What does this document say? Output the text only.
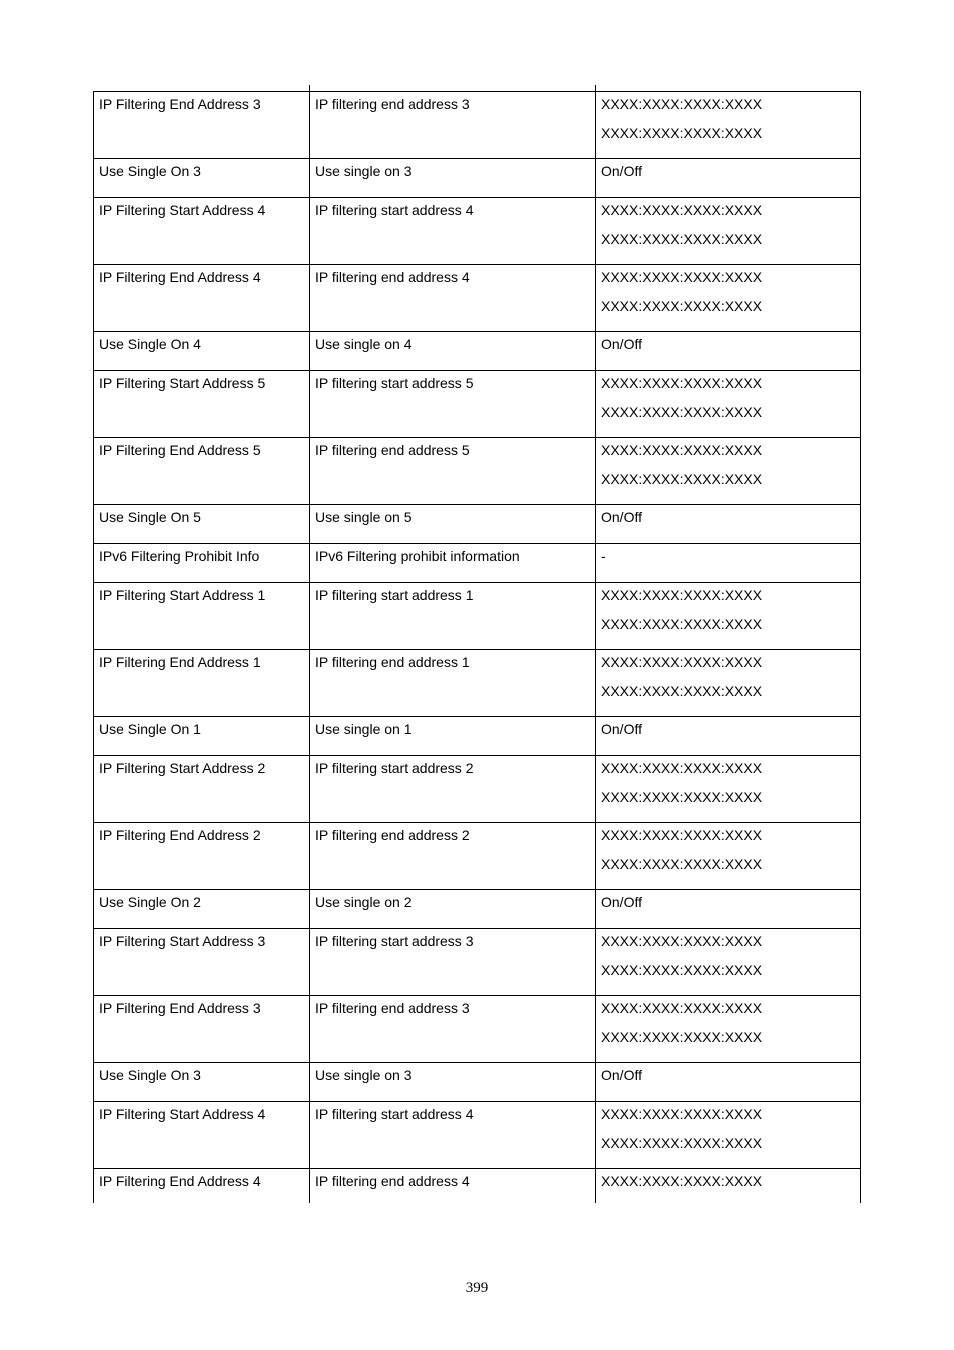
IP Filtering End Address 3	IP filtering end address 3	XXXX:XXXX:XXXX:XXXX
XXXX:XXXX:XXXX:XXXX
Use Single On 3	Use single on 3	On/Off
IP Filtering Start Address 4	IP filtering start address 4	XXXX:XXXX:XXXX:XXXX
XXXX:XXXX:XXXX:XXXX
IP Filtering End Address 4	IP filtering end address 4	XXXX:XXXX:XXXX:XXXX
XXXX:XXXX:XXXX:XXXX
Use Single On 4	Use single on 4	On/Off
IP Filtering Start Address 5	IP filtering start address 5	XXXX:XXXX:XXXX:XXXX
XXXX:XXXX:XXXX:XXXX
IP Filtering End Address 5	IP filtering end address 5	XXXX:XXXX:XXXX:XXXX
XXXX:XXXX:XXXX:XXXX
Use Single On 5	Use single on 5	On/Off
IPv6 Filtering Prohibit Info	IPv6 Filtering prohibit information	-
IP Filtering Start Address 1	IP filtering start address 1	XXXX:XXXX:XXXX:XXXX
XXXX:XXXX:XXXX:XXXX
IP Filtering End Address 1	IP filtering end address 1	XXXX:XXXX:XXXX:XXXX
XXXX:XXXX:XXXX:XXXX
Use Single On 1	Use single on 1	On/Off
IP Filtering Start Address 2	IP filtering start address 2	XXXX:XXXX:XXXX:XXXX
XXXX:XXXX:XXXX:XXXX
IP Filtering End Address 2	IP filtering end address 2	XXXX:XXXX:XXXX:XXXX
XXXX:XXXX:XXXX:XXXX
Use Single On 2	Use single on 2	On/Off
IP Filtering Start Address 3	IP filtering start address 3	XXXX:XXXX:XXXX:XXXX
XXXX:XXXX:XXXX:XXXX
IP Filtering End Address 3	IP filtering end address 3	XXXX:XXXX:XXXX:XXXX
XXXX:XXXX:XXXX:XXXX
Use Single On 3	Use single on 3	On/Off
IP Filtering Start Address 4	IP filtering start address 4	XXXX:XXXX:XXXX:XXXX
XXXX:XXXX:XXXX:XXXX
IP Filtering End Address 4	IP filtering end address 4	XXXX:XXXX:XXXX:XXXX
399
